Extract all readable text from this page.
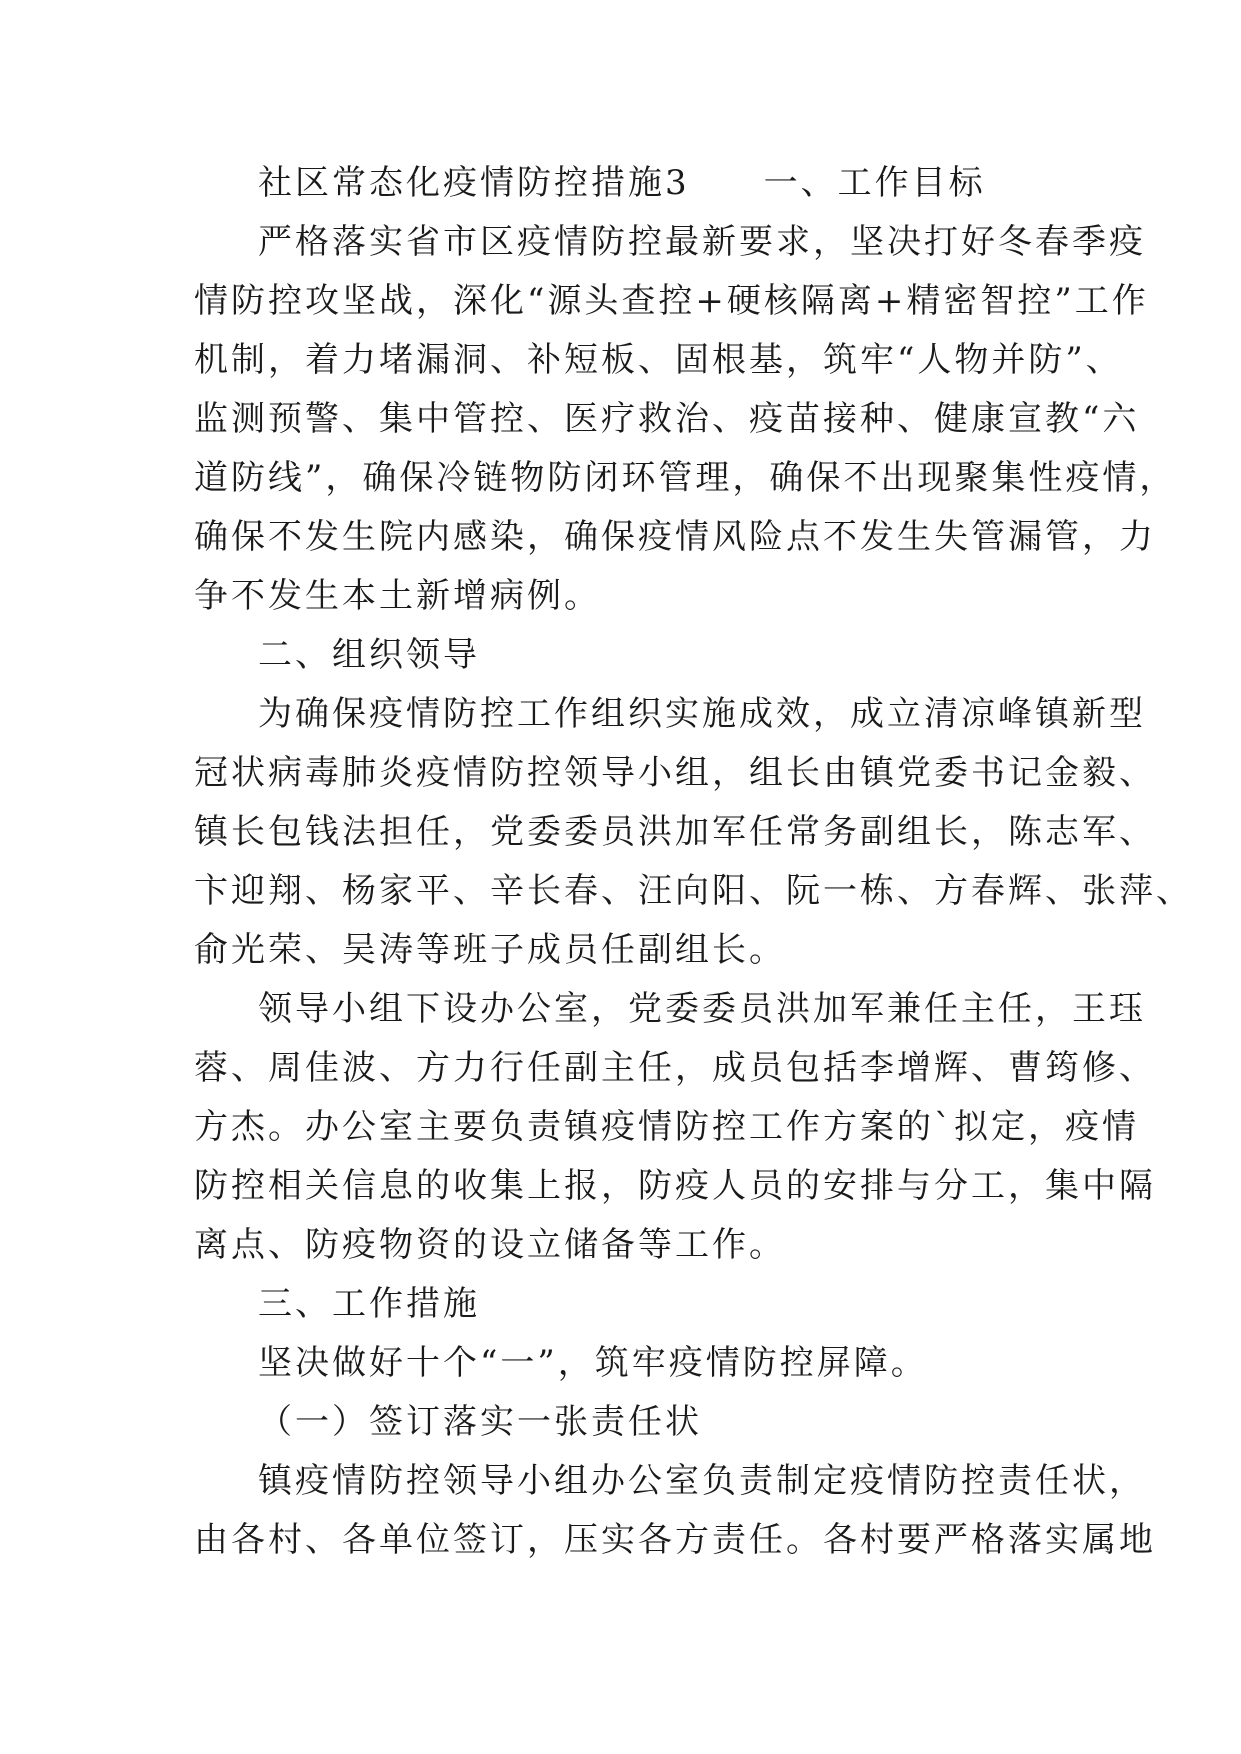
社区常态化疫情防控措施3　　一、工作目标
严格落实省市区疫情防控最新要求，坚决打好冬春季疫
情防控攻坚战，深化“源头查控+硬核隔离+精密智控”工作
机制，着力堵漏洞、补短板、固根基，筑牢“人物并防”、
监测预警、集中管控、医疗救治、疫苗接种、健康宣教“六
道防线”，确保冷链物防闭环管理，确保不出现聚集性疫情，
确保不发生院内感染，确保疫情风险点不发生失管漏管，力
争不发生本土新增病例。
二、组织领导
为确保疫情防控工作组织实施成效，成立清凉峰镇新型
冠状病毒肺炎疫情防控领导小组，组长由镇党委书记金毅、
镇长包钱法担任，党委委员洪加军任常务副组长，陈志军、
卞迎翔、杨家平、辛长春、汪向阳、阮一栋、方春辉、张萍、
俞光荣、吴涛等班子成员任副组长。
领导小组下设办公室，党委委员洪加军兼任主任，王珏
蓉、周佳波、方力行任副主任，成员包括李增辉、曹筠修、
方杰。办公室主要负责镇疫情防控工作方案的`拟定，疫情
防控相关信息的收集上报，防疫人员的安排与分工，集中隔
离点、防疫物资的设立储备等工作。
三、工作措施
坚决做好十个“一”，筑牢疫情防控屏障。
（一）签订落实一张责任状
镇疫情防控领导小组办公室负责制定疫情防控责任状，
由各村、各单位签订，压实各方责任。各村要严格落实属地
